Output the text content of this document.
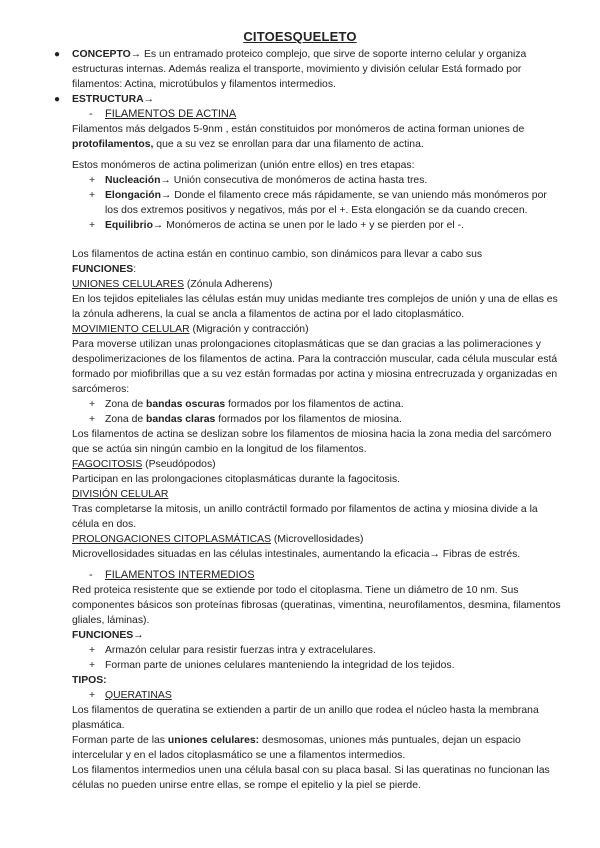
CITOESQUELETO

● CONCEPTO→ Es un entramado proteico complejo, que sirve de soporte interno celular y organiza estructuras internas. Además realiza el transporte, movimiento y división celular Está formado por filamentos: Actina, microtúbulos y filamentos intermedios.

● ESTRUCTURA→

- FILAMENTOS DE ACTINA

Filamentos más delgados 5-9nm , están constituidos por monómeros de actina forman uniones de protofilamentos, que a su vez se enrollan para dar una filamento de actina.

Estos monómeros de actina polimerizan (unión entre ellos) en tres etapas:

+ Nucleación→ Unión consecutiva de monómeros de actina hasta tres.

+ Elongación→ Donde el filamento crece más rápidamente, se van uniendo más monómeros por los dos extremos positivos y negativos, más por el +. Esta elongación se da cuando crecen.

+ Equilibrio→ Monómeros de actina se unen por le lado + y se pierden por el -.

Los filamentos de actina están en continuo cambio, son dinámicos para llevar a cabo sus

FUNCIONES:

UNIONES CELULARES (Zónula Adherens)

En los tejidos epiteliales las células están muy unidas mediante tres complejos de unión y una de ellas es la zónula adherens, la cual se ancla a filamentos de actina por el lado citoplasmático.

MOVIMIENTO CELULAR (Migración y contracción)

Para moverse utilizan unas prolongaciones citoplasmáticas que se dan gracias a las polimeraciones y despolimerizaciones de los filamentos de actina. Para la contracción muscular, cada célula muscular está formado por miofibrillas que a su vez están formadas por actina y miosina entrecruzada y organizadas en sarcómeros:

+ Zona de bandas oscuras formados por los filamentos de actina.

+ Zona de bandas claras formados por los filamentos de miosina.

Los filamentos de actina se deslizan sobre los filamentos de miosina hacia la zona media del sarcómero que se actúa sin ningún cambio en la longitud de los filamentos.

FAGOCITOSIS (Pseudópodos)

Participan en las prolongaciones citoplasmáticas durante la fagocitosis.

DIVISIÓN CELULAR

Tras completarse la mitosis, un anillo contráctil formado por filamentos de actina y miosina divide a la célula en dos.

PROLONGACIONES CITOPLASMÁTICAS (Microvellosidades)

Microvellosidades situadas en las células intestinales, aumentando la eficacia→ Fibras de estrés.

- FILAMENTOS INTERMEDIOS

Red proteica resistente que se extiende por todo el citoplasma. Tiene un diámetro de 10 nm. Sus componentes básicos son proteínas fibrosas (queratinas, vimentina, neurofilamentos, desmina, filamentos gliales, láminas).

FUNCIONES→

+ Armazón celular para resistir fuerzas intra y extracelulares.

+ Forman parte de uniones celulares manteniendo la integridad de los tejidos.

TIPOS:

+ QUERATINAS

Los filamentos de queratina se extienden a partir de un anillo que rodea el núcleo hasta la membrana plasmática.

Forman parte de las uniones celulares: desmosomas, uniones más puntuales, dejan un espacio intercelular y en el lados citoplasmático se une a filamentos intermedios.

Los filamentos intermedios unen una célula basal con su placa basal. Si las queratinas no funcionan las células no pueden unirse entre ellas, se rompe el epitelio y la piel se pierde.
